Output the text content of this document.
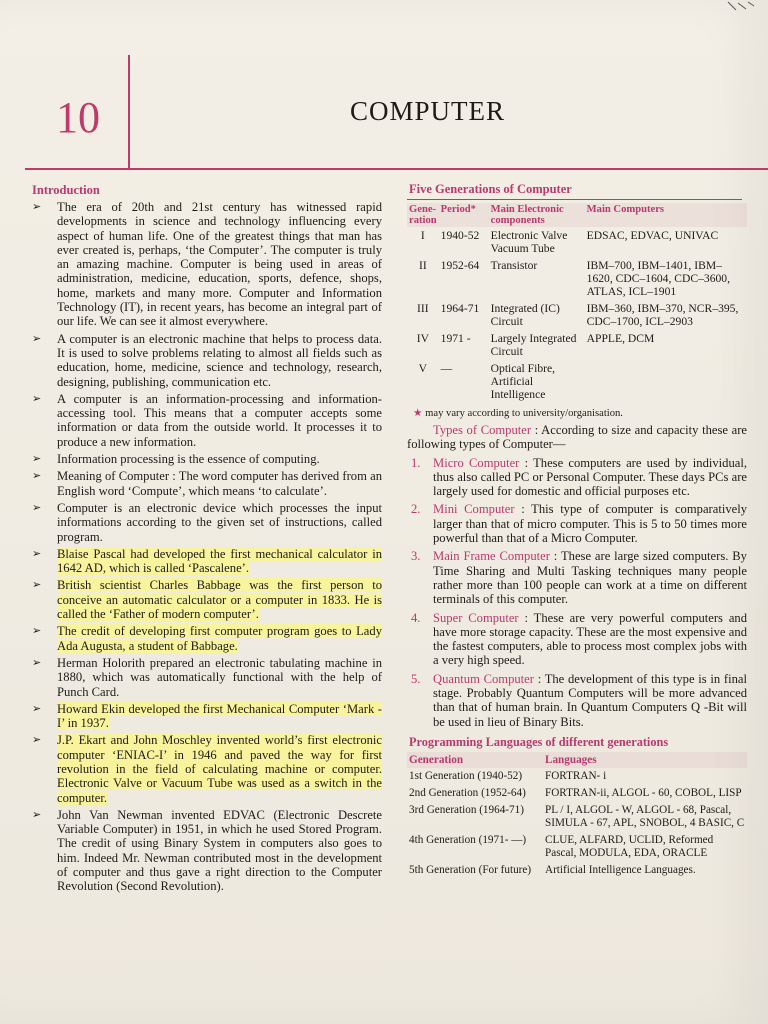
10	COMPUTER
Introduction
➢ The era of 20th and 21st century has witnessed rapid developments in science and technology influencing every aspect of human life. One of the greatest things that man has ever created is, perhaps, ‘the Computer’. The computer is truly an amazing machine. Computer is being used in areas of administration, medicine, education, sports, defence, shops, home, markets and many more. Computer and Information Technology (IT), in recent years, has become an integral part of our life. We can see it almost everywhere.
➢ A computer is an electronic machine that helps to process data. It is used to solve problems relating to almost all fields such as education, home, medicine, science and technology, research, designing, publishing, communication etc.
➢ A computer is an information-processing and information-accessing tool. This means that a computer accepts some information or data from the outside world. It processes it to produce a new information.
➢ Information processing is the essence of computing.
➢ Meaning of Computer : The word computer has derived from an English word ‘Compute’, which means ‘to calculate’.
➢ Computer is an electronic device which processes the input informations according to the given set of instructions, called program.
➢ Blaise Pascal had developed the first mechanical calculator in 1642 AD, which is called ‘Pascalene’.
➢ British scientist Charles Babbage was the first person to conceive an automatic calculator or a computer in 1833. He is called the ‘Father of modern computer’.
➢ The credit of developing first computer program goes to Lady Ada Augusta, a student of Babbage.
➢ Herman Holorith prepared an electronic tabulating machine in 1880, which was automatically functional with the help of Punch Card.
➢ Howard Ekin developed the first Mechanical Computer ‘Mark - I’ in 1937.
➢ J.P. Ekart and John Moschley invented world’s first electronic computer ‘ENIAC-I’ in 1946 and paved the way for first revolution in the field of calculating machine or computer. Electronic Valve or Vacuum Tube was used as a switch in the computer.
➢ John Van Newman invented EDVAC (Electronic Descrete Variable Computer) in 1951, in which he used Stored Program. The credit of using Binary System in computers also goes to him. Indeed Mr. Newman contributed most in the development of computer and thus gave a right direction to the Computer Revolution (Second Revolution).
Five Generations of Computer
Gene-ration	Period*	Main Electronic components	Main Computers
I	1940-52	Electronic Valve Vacuum Tube	EDSAC, EDVAC, UNIVAC
II	1952-64	Transistor	IBM–700, IBM–1401, IBM–1620, CDC–1604, CDC–3600, ATLAS, ICL–1901
III	1964-71	Integrated (IC) Circuit	IBM–360, IBM–370, NCR–395, CDC–1700, ICL–2903
IV	1971 -	Largely Integrated Circuit	APPLE, DCM
V	—	Optical Fibre, Artificial Intelligence	
★ may vary according to university/organisation.
Types of Computer : According to size and capacity these are following types of Computer—
1. Micro Computer : These computers are used by individual, thus also called PC or Personal Computer. These days PCs are largely used for domestic and official purposes etc.
2. Mini Computer : This type of computer is comparatively larger than that of micro computer. This is 5 to 50 times more powerful than that of a Micro Computer.
3. Main Frame Computer : These are large sized computers. By Time Sharing and Multi Tasking techniques many people rather more than 100 people can work at a time on different terminals of this computer.
4. Super Computer : These are very powerful computers and have more storage capacity. These are the most expensive and the fastest computers, able to process most complex jobs with a very high speed.
5. Quantum Computer : The development of this type is in final stage. Probably Quantum Computers will be more advanced than that of human brain. In Quantum Computers Q -Bit will be used in lieu of Binary Bits.
Programming Languages of different generations
Generation	Languages
1st Generation (1940-52)	FORTRAN- i
2nd Generation (1952-64)	FORTRAN-ii, ALGOL - 60, COBOL, LISP
3rd Generation (1964-71)	PL / I, ALGOL - W, ALGOL - 68, Pascal, SIMULA - 67, APL, SNOBOL, 4 BASIC, C
4th Generation (1971- —)	CLUE, ALFARD, UCLID, Reformed Pascal, MODULA, EDA, ORACLE
5th Generation (For future)	Artificial Intelligence Languages.
